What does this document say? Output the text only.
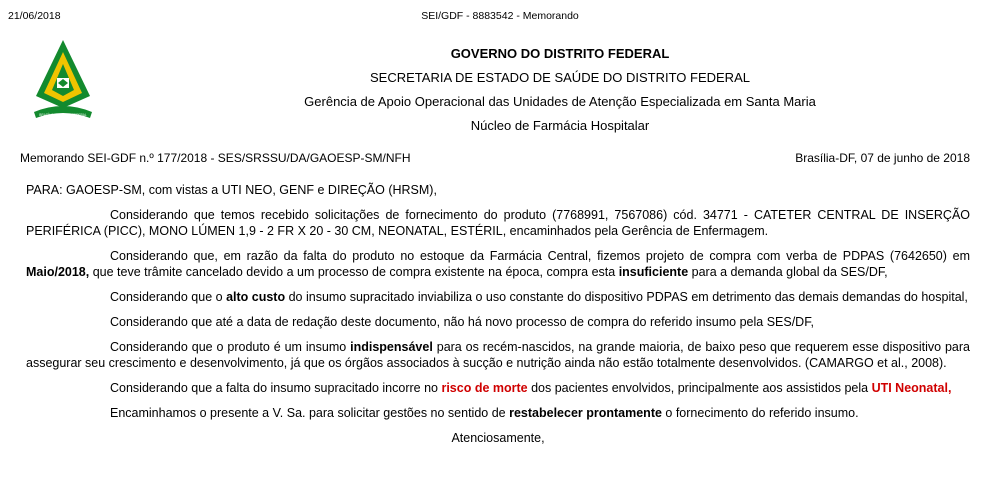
21/06/2018	SEI/GDF - 8883542 - Memorando
BRASÍLIA · DISTRITO FEDERAL
GOVERNO DO DISTRITO FEDERAL
SECRETARIA DE ESTADO DE SAÚDE DO DISTRITO FEDERAL
Gerência de Apoio Operacional das Unidades de Atenção Especializada em Santa Maria
Núcleo de Farmácia Hospitalar
Memorando SEI-GDF n.º 177/2018 - SES/SRSSU/DA/GAOESP-SM/NFH	Brasília-DF, 07 de junho de 2018

PARA: GAOESP-SM, com vistas a UTI NEO, GENF e DIREÇÃO (HRSM),

Considerando que temos recebido solicitações de fornecimento do produto (7768991, 7567086) cód. 34771 - CATETER CENTRAL DE INSERÇÃO PERIFÉRICA (PICC), MONO LÚMEN 1,9 - 2 FR X 20 - 30 CM, NEONATAL, ESTÉRIL, encaminhados pela Gerência de Enfermagem.

Considerando que, em razão da falta do produto no estoque da Farmácia Central, fizemos projeto de compra com verba de PDPAS (7642650) em Maio/2018, que teve trâmite cancelado devido a um processo de compra existente na época, compra esta insuficiente para a demanda global da SES/DF,

Considerando que o alto custo do insumo supracitado inviabiliza o uso constante do dispositivo PDPAS em detrimento das demais demandas do hospital,

Considerando que até a data de redação deste documento, não há novo processo de compra do referido insumo pela SES/DF,

Considerando que o produto é um insumo indispensável para os recém-nascidos, na grande maioria, de baixo peso que requerem esse dispositivo para assegurar seu crescimento e desenvolvimento, já que os órgãos associados à sucção e nutrição ainda não estão totalmente desenvolvidos. (CAMARGO et al., 2008).

Considerando que a falta do insumo supracitado incorre no risco de morte dos pacientes envolvidos, principalmente aos assistidos pela UTI Neonatal,

Encaminhamos o presente a V. Sa. para solicitar gestões no sentido de restabelecer prontamente o fornecimento do referido insumo.

Atenciosamente,
